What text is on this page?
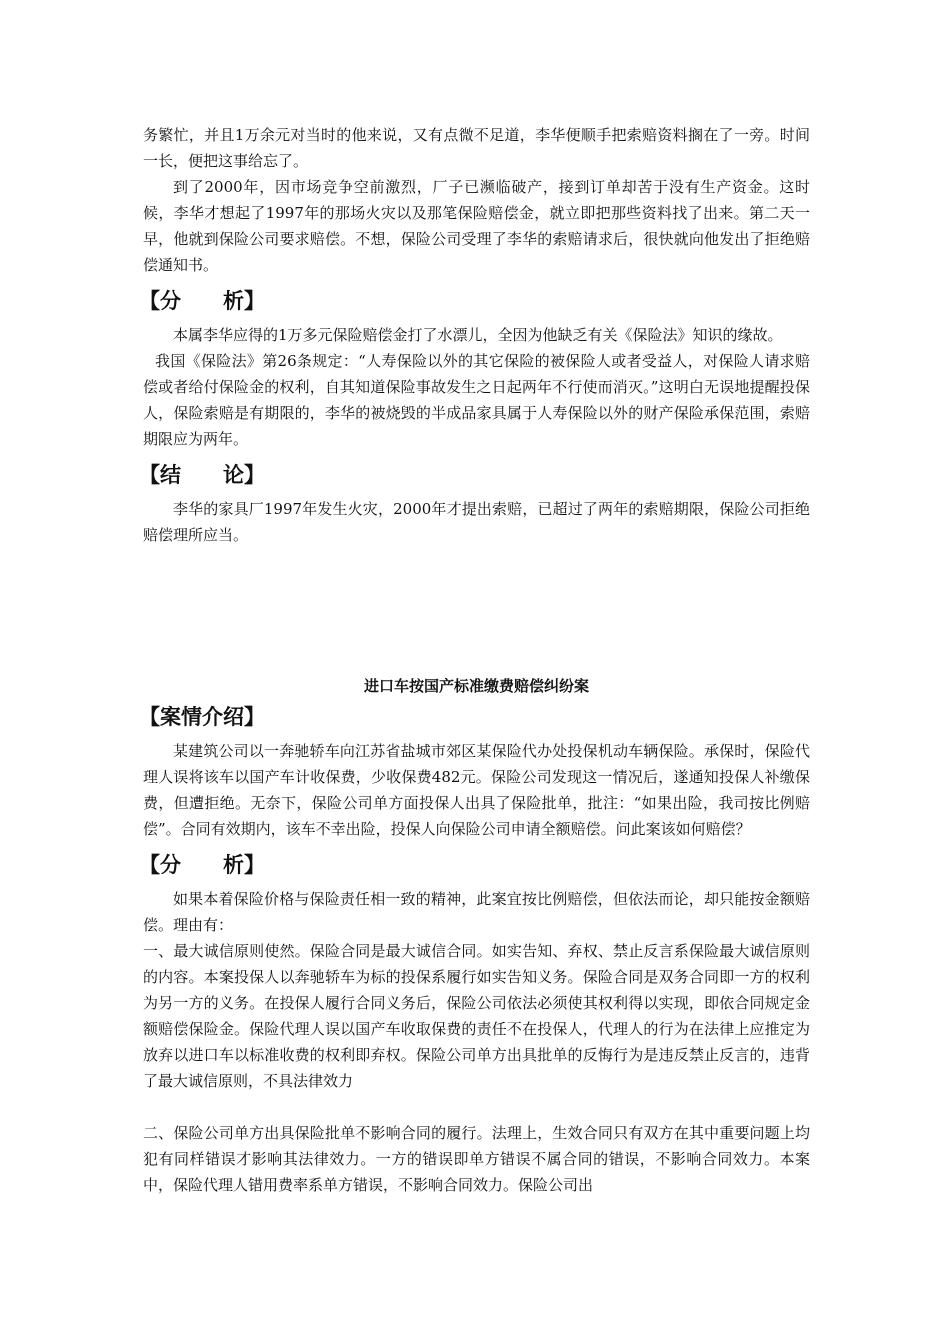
务繁忙，并且1万余元对当时的他来说，又有点微不足道，李华便顺手把索赔资料搁在了一旁。时间一长，便把这事给忘了。

到了2000年，因市场竞争空前激烈，厂子已濒临破产，接到订单却苦于没有生产资金。这时候，李华才想起了1997年的那场火灾以及那笔保险赔偿金，就立即把那些资料找了出来。第二天一早，他就到保险公司要求赔偿。不想，保险公司受理了李华的索赔请求后，很快就向他发出了拒绝赔偿通知书。

【分　　析】

本属李华应得的1万多元保险赔偿金打了水漂儿，全因为他缺乏有关《保险法》知识的缘故。

我国《保险法》第26条规定：“人寿保险以外的其它保险的被保险人或者受益人，对保险人请求赔偿或者给付保险金的权利，自其知道保险事故发生之日起两年不行使而消灭。”这明白无误地提醒投保人，保险索赔是有期限的，李华的被烧毁的半成品家具属于人寿保险以外的财产保险承保范围，索赔期限应为两年。

【结　　论】

李华的家具厂1997年发生火灾，2000年才提出索赔，已超过了两年的索赔期限，保险公司拒绝赔偿理所应当。

进口车按国产标准缴费赔偿纠纷案
【案情介绍】

某建筑公司以一奔驰轿车向江苏省盐城市郊区某保险代办处投保机动车辆保险。承保时，保险代理人误将该车以国产车计收保费，少收保费482元。保险公司发现这一情况后，遂通知投保人补缴保费，但遭拒绝。无奈下，保险公司单方面投保人出具了保险批单，批注：“如果出险，我司按比例赔偿”。合同有效期内，该车不幸出险，投保人向保险公司申请全额赔偿。问此案该如何赔偿？

【分　　析】

如果本着保险价格与保险责任相一致的精神，此案宜按比例赔偿，但依法而论，却只能按金额赔偿。理由有：

一、最大诚信原则使然。保险合同是最大诚信合同。如实告知、弃权、禁止反言系保险最大诚信原则的内容。本案投保人以奔驰轿车为标的投保系履行如实告知义务。保险合同是双务合同即一方的权利为另一方的义务。在投保人履行合同义务后，保险公司依法必须使其权利得以实现，即依合同规定金额赔偿保险金。保险代理人误以国产车收取保费的责任不在投保人，代理人的行为在法律上应推定为放弃以进口车以标准收费的权利即弃权。保险公司单方出具批单的反悔行为是违反禁止反言的，违背了最大诚信原则，不具法律效力

二、保险公司单方出具保险批单不影响合同的履行。法理上，生效合同只有双方在其中重要问题上均犯有同样错误才影响其法律效力。一方的错误即单方错误不属合同的错误，不影响合同效力。本案中，保险代理人错用费率系单方错误，不影响合同效力。保险公司出
